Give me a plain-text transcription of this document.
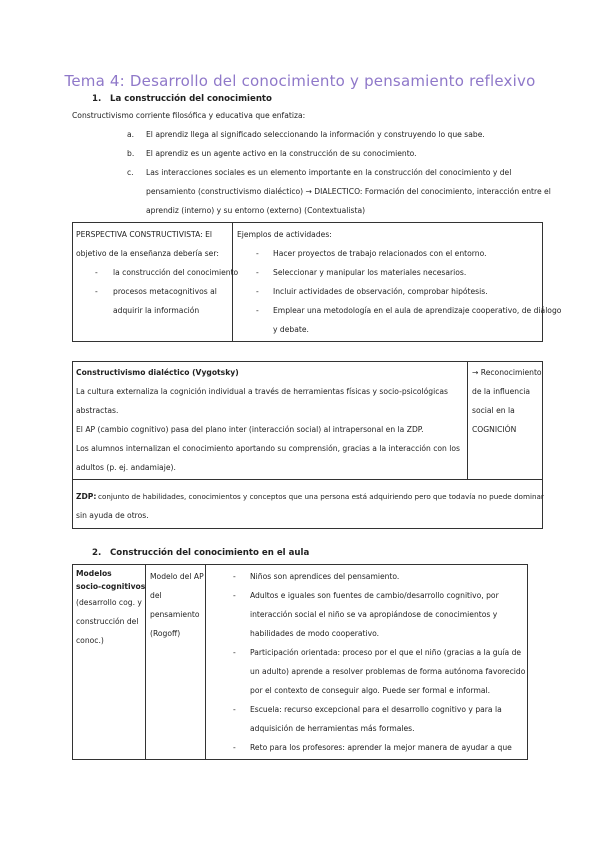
Tema 4: Desarrollo del conocimiento y pensamiento reflexivo
1. La construcción del conocimiento
Constructivismo corriente filosófica y educativa que enfatiza:
a. El aprendiz llega al significado seleccionando la información y construyendo lo que sabe.
b. El aprendiz es un agente activo en la construcción de su conocimiento.
c. Las interacciones sociales es un elemento importante en la construcción del conocimiento y del
pensamiento (constructivismo dialéctico) → DIALECTICO: Formación del conocimiento, interacción entre el
aprendiz (interno) y su entorno (externo) (Contextualista)
PERSPECTIVA CONSTRUCTIVISTA: El
objetivo de la enseñanza debería ser:
- la construcción del conocimiento
- procesos metacognitivos al
adquirir la información
Ejemplos de actividades:
- Hacer proyectos de trabajo relacionados con el entorno.
- Seleccionar y manipular los materiales necesarios.
- Incluir actividades de observación, comprobar hipótesis.
- Emplear una metodología en el aula de aprendizaje cooperativo, de diálogo
y debate.
Constructivismo dialéctico (Vygotsky)
La cultura externaliza la cognición individual a través de herramientas físicas y socio-psicológicas
abstractas.
El AP (cambio cognitivo) pasa del plano inter (interacción social) al intrapersonal en la ZDP.
Los alumnos internalizan el conocimiento aportando su comprensión, gracias a la interacción con los
adultos (p. ej. andamiaje).
→ Reconocimiento
de la influencia
social en la
COGNICIÓN
ZDP: conjunto de habilidades, conocimientos y conceptos que una persona está adquiriendo pero que todavía no puede dominar
sin ayuda de otros.
2. Construcción del conocimiento en el aula
Modelos
socio-cognitivos
(desarrollo cog. y
construcción del
conoc.)
Modelo del AP
del
pensamiento
(Rogoff)
- Niños son aprendices del pensamiento.
- Adultos e iguales son fuentes de cambio/desarrollo cognitivo, por
interacción social el niño se va apropiándose de conocimientos y
habilidades de modo cooperativo.
- Participación orientada: proceso por el que el niño (gracias a la guía de
un adulto) aprende a resolver problemas de forma autónoma favorecido
por el contexto de conseguir algo. Puede ser formal e informal.
- Escuela: recurso excepcional para el desarrollo cognitivo y para la
adquisición de herramientas más formales.
- Reto para los profesores: aprender la mejor manera de ayudar a que
